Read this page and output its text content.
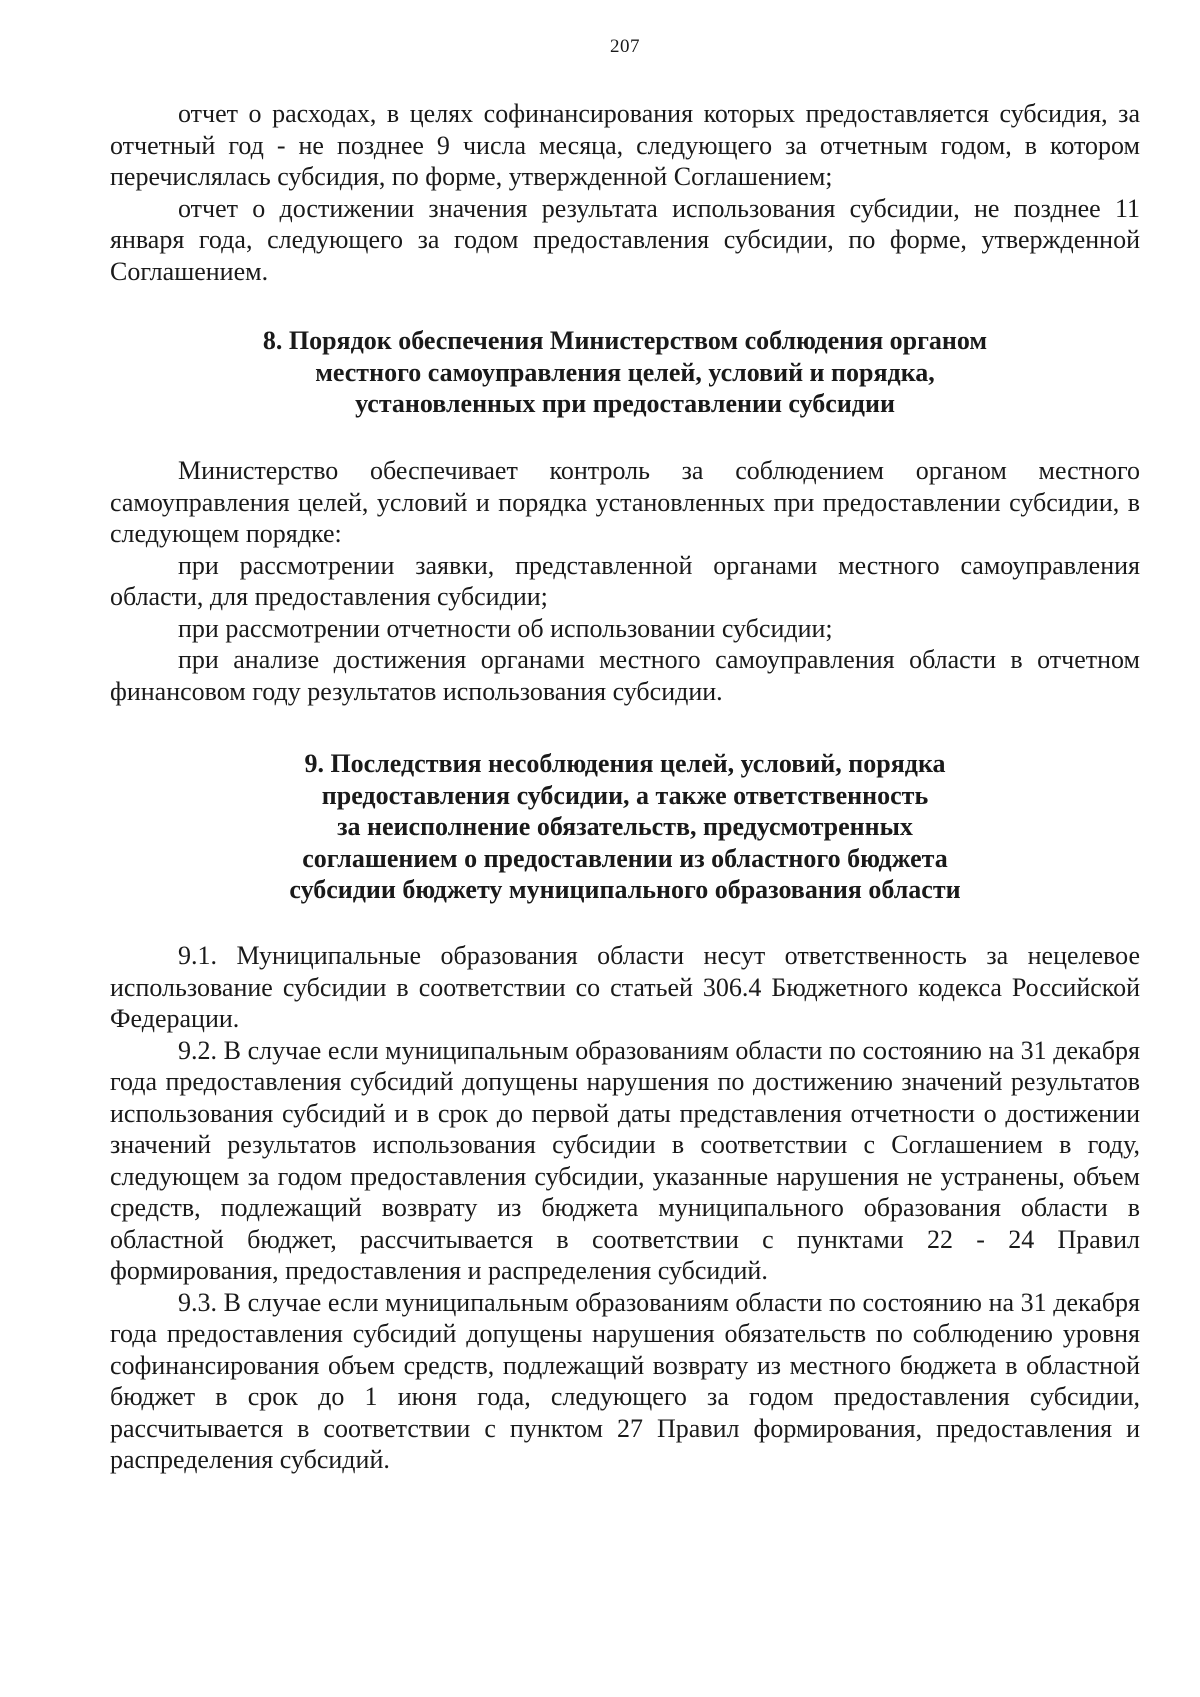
207

отчет о расходах, в целях софинансирования которых предоставляется субсидия, за отчетный год - не позднее 9 числа месяца, следующего за отчетным годом, в котором перечислялась субсидия, по форме, утвержденной Соглашением;

отчет о достижении значения результата использования субсидии, не позднее 11 января года, следующего за годом предоставления субсидии, по форме, утвержденной Соглашением.

8. Порядок обеспечения Министерством соблюдения органом
местного самоуправления целей, условий и порядка,
установленных при предоставлении субсидии

Министерство обеспечивает контроль за соблюдением органом местного самоуправления целей, условий и порядка установленных при предоставлении субсидии, в следующем порядке:

при рассмотрении заявки, представленной органами местного самоуправления области, для предоставления субсидии;

при рассмотрении отчетности об использовании субсидии;

при анализе достижения органами местного самоуправления области в отчетном финансовом году результатов использования субсидии.

9. Последствия несоблюдения целей, условий, порядка
предоставления субсидии, а также ответственность
за неисполнение обязательств, предусмотренных
соглашением о предоставлении из областного бюджета
субсидии бюджету муниципального образования области

9.1. Муниципальные образования области несут ответственность за нецелевое использование субсидии в соответствии со статьей 306.4 Бюджетного кодекса Российской Федерации.

9.2. В случае если муниципальным образованиям области по состоянию на 31 декабря года предоставления субсидий допущены нарушения по достижению значений результатов использования субсидий и в срок до первой даты представления отчетности о достижении значений результатов использования субсидии в соответствии с Соглашением в году, следующем за годом предоставления субсидии, указанные нарушения не устранены, объем средств, подлежащий возврату из бюджета муниципального образования области в областной бюджет, рассчитывается в соответствии с пунктами 22 - 24 Правил формирования, предоставления и распределения субсидий.

9.3. В случае если муниципальным образованиям области по состоянию на 31 декабря года предоставления субсидий допущены нарушения обязательств по соблюдению уровня софинансирования объем средств, подлежащий возврату из местного бюджета в областной бюджет в срок до 1 июня года, следующего за годом предоставления субсидии, рассчитывается в соответствии с пунктом 27 Правил формирования, предоставления и распределения субсидий.
